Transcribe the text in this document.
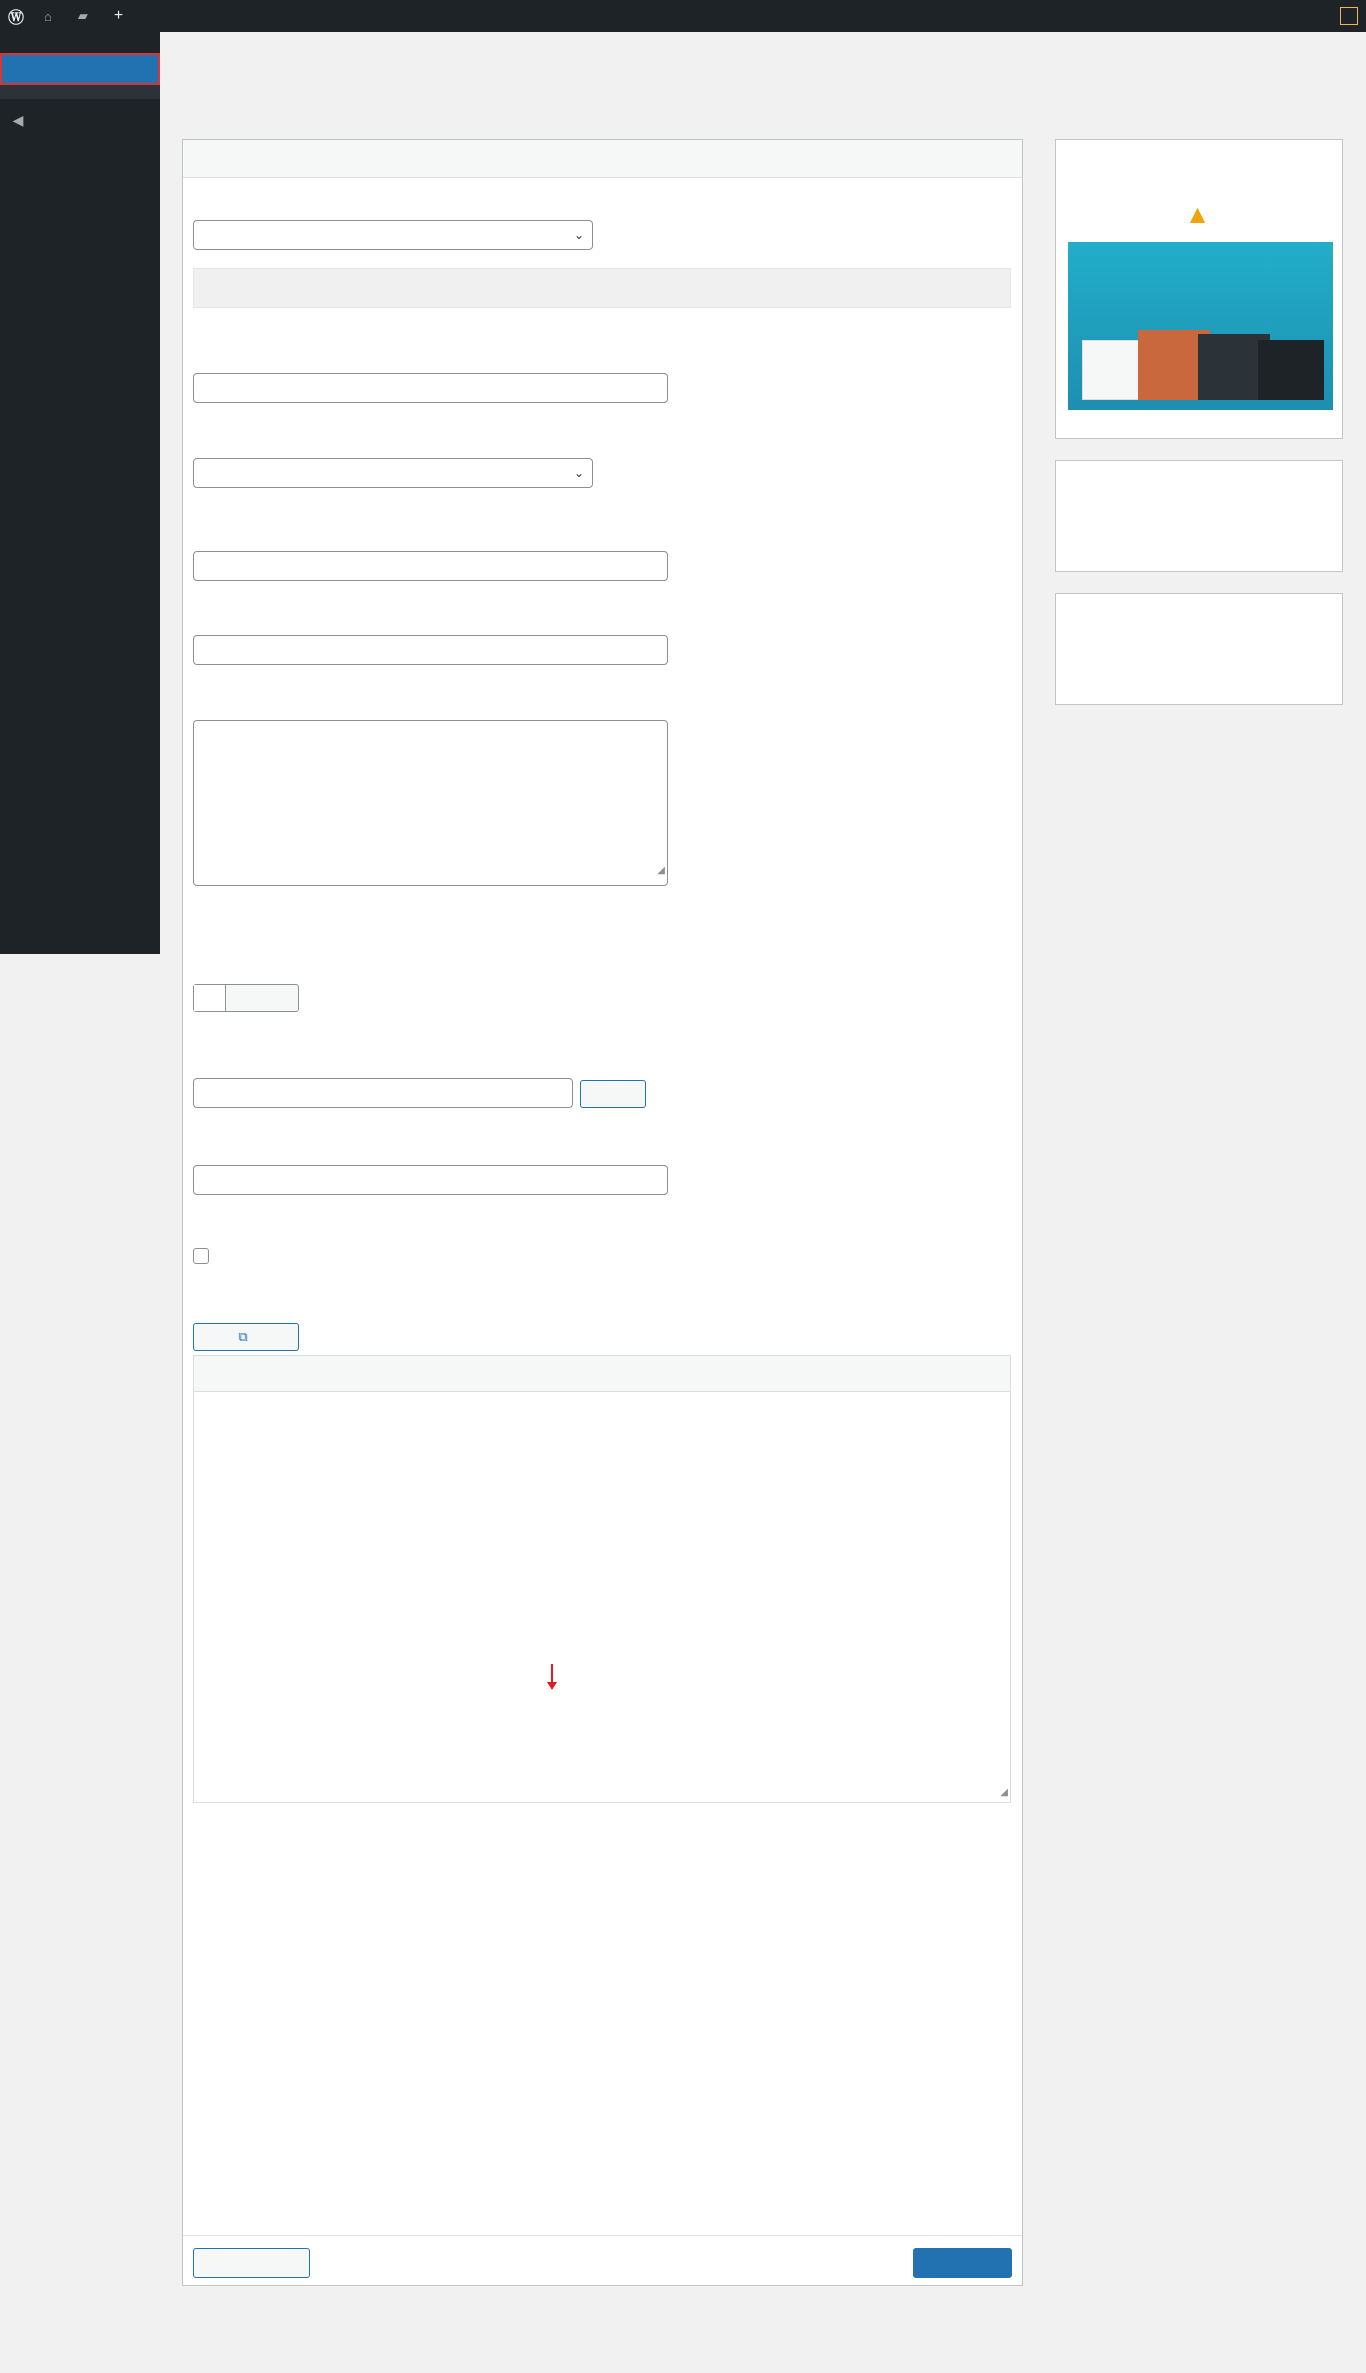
Ⓦ	⌂ ▰ +
◀
⌄
⌄
◢
⧉
◢
▲
